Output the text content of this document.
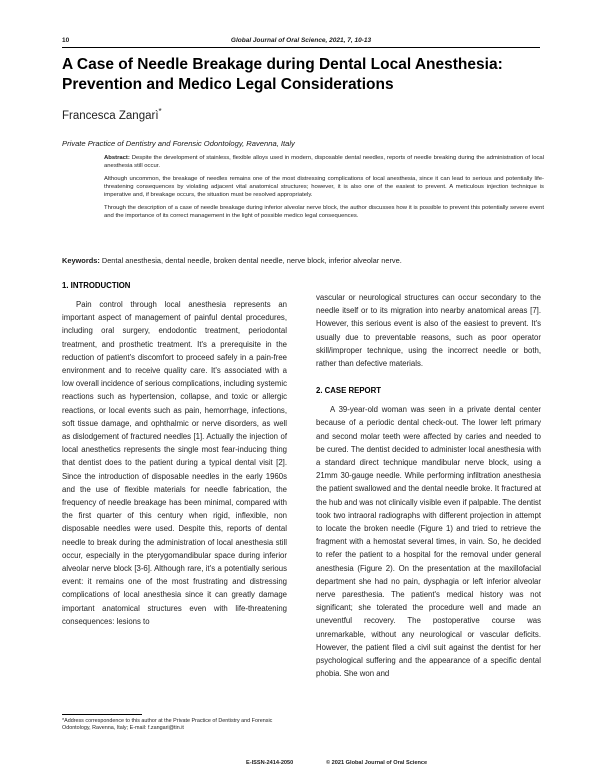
10	Global Journal of Oral Science, 2021, 7, 10-13
A Case of Needle Breakage during Dental Local Anesthesia: Prevention and Medico Legal Considerations
Francesca Zangarì*
Private Practice of Dentistry and Forensic Odontology, Ravenna, Italy

Abstract: Despite the development of stainless, flexible alloys used in modern, disposable dental needles, reports of needle breaking during the administration of local anesthesia still occur.

Although uncommon, the breakage of needles remains one of the most distressing complications of local anesthesia, since it can lead to serious and potentially life-threatening consequences by violating adjacent vital anatomical structures; however, it is also one of the easiest to prevent. A meticulous injection technique is imperative and, if breakage occurs, the situation must be resolved appropriately.

Through the description of a case of needle breakage during inferior alveolar nerve block, the author discusses how it is possible to prevent this potentially severe event and the importance of its correct management in the light of possible medico legal consequences.

Keywords: Dental anesthesia, dental needle, broken dental needle, nerve block, inferior alveolar nerve.
1. INTRODUCTION

Pain control through local anesthesia represents an important aspect of management of painful dental procedures, including oral surgery, endodontic treatment, periodontal treatment, and prosthetic treatment. It's a prerequisite in the reduction of patient's discomfort to proceed safely in a pain-free environment and to receive quality care. It's associated with a low overall incidence of serious complications, including systemic reactions such as hypertension, collapse, and toxic or allergic reactions, or local events such as pain, hemorrhage, infections, soft tissue damage, and ophthalmic or nerve disorders, as well as dislodgement of fractured needles [1]. Actually the injection of local anesthetics represents the single most fear-inducing thing that dentist does to the patient during a typical dental visit [2]. Since the introduction of disposable needles in the early 1960s and the use of flexible materials for needle fabrication, the frequency of needle breakage has been minimal, compared with the first quarter of this century when rigid, inflexible, non disposable needles were used. Despite this, reports of dental needle to break during the administration of local anesthesia still occur, especially in the pterygomandibular space during inferior alveolar nerve block [3-6]. Although rare, it's a potentially serious event: it remains one of the most frustrating and distressing complications of local anesthesia since it can greatly damage important anatomical structures even with life-threatening consequences: lesions to

vascular or neurological structures can occur secondary to the needle itself or to its migration into nearby anatomical areas [7]. However, this serious event is also of the easiest to prevent. It's usually due to preventable reasons, such as poor operator skill/improper technique, using the incorrect needle or both, rather than defective materials.

2. CASE REPORT

A 39-year-old woman was seen in a private dental center because of a periodic dental check-out. The lower left primary and second molar teeth were affected by caries and needed to be cured. The dentist decided to administer local anesthesia with a standard direct technique mandibular nerve block, using a 21mm 30-gauge needle. While performing infiltration anesthesia the patient swallowed and the dental needle broke. It fractured at the hub and was not clinically visible even if palpable. The dentist took two intraoral radiographs with different projection in attempt to locate the broken needle (Figure 1) and tried to retrieve the fragment with a hemostat several times, in vain. So, he decided to refer the patient to a hospital for the removal under general anesthesia (Figure 2). On the presentation at the maxillofacial department she had no pain, dysphagia or left inferior alveolar nerve paresthesia. The patient's medical history was not significant; she tolerated the procedure well and made an uneventful recovery. The postoperative course was unremarkable, without any neurological or vascular deficits. However, the patient filed a civil suit against the dentist for her psychological suffering and the appearance of a specific dental phobia. She won and

*Address correspondence to this author at the Private Practice of Dentistry and Forensic Odontology, Ravenna, Italy; E-mail: f.zangari@tin.it
E-ISSN-2414-2050	© 2021 Global Journal of Oral Science
